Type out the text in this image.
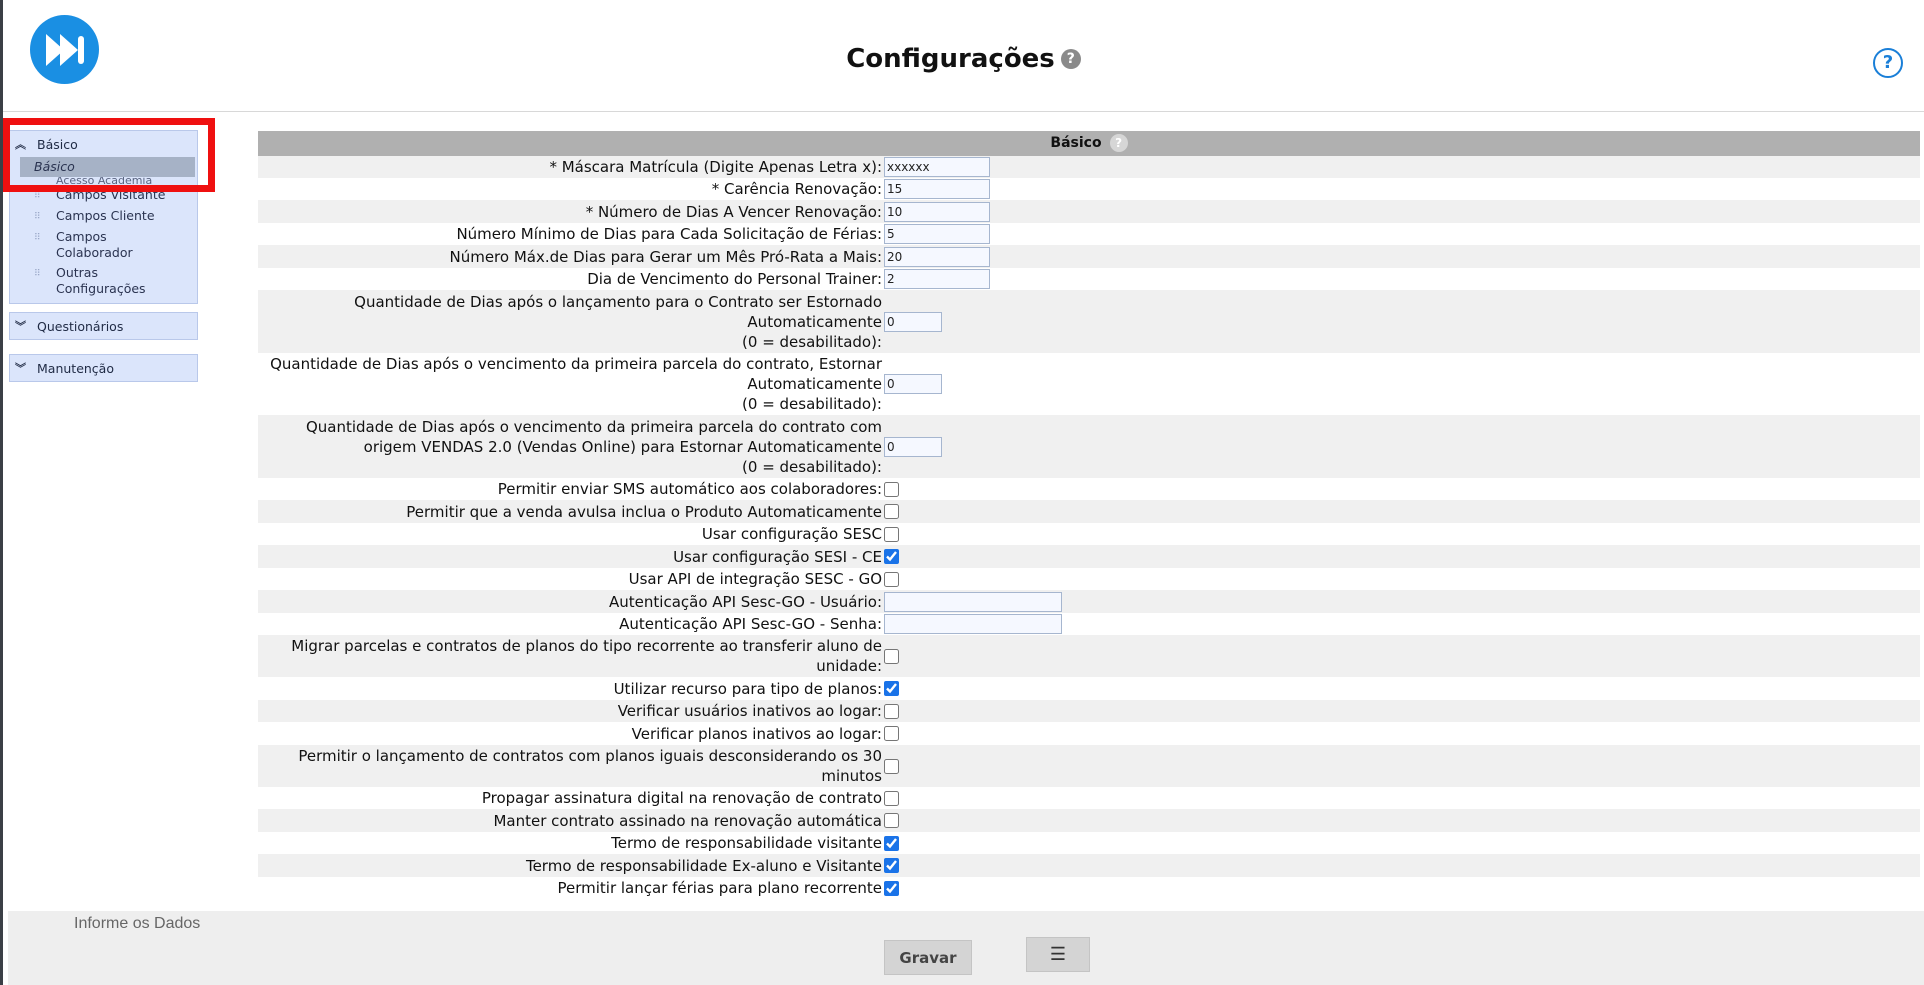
Configurações ?	?
︽ Básico
Básico
Acesso Academia
⠿ Campos Visitante
⠿ Campos Cliente
⠿ Campos Colaborador
⠿ Outras Configurações
︾ Questionários
︾ Manutenção
Básico ?
* Máscara Matrícula (Digite Apenas Letra x):
xxxxxx
* Carência Renovação:
15
* Número de Dias A Vencer Renovação:
10
Número Mínimo de Dias para Cada Solicitação de Férias:
5
Número Máx.de Dias para Gerar um Mês Pró-Rata a Mais:
20
Dia de Vencimento do Personal Trainer:
2
Quantidade de Dias após o lançamento para o Contrato ser Estornado
Automaticamente
(0 = desabilitado):
0
Quantidade de Dias após o vencimento da primeira parcela do contrato, Estornar
Automaticamente
(0 = desabilitado):
0
Quantidade de Dias após o vencimento da primeira parcela do contrato com
origem VENDAS 2.0 (Vendas Online) para Estornar Automaticamente
(0 = desabilitado):
0
Permitir enviar SMS automático aos colaboradores:
Permitir que a venda avulsa inclua o Produto Automaticamente
Usar configuração SESC
Usar configuração SESI - CE
Usar API de integração SESC - GO
Autenticação API Sesc-GO - Usuário:
Autenticação API Sesc-GO - Senha:
Migrar parcelas e contratos de planos do tipo recorrente ao transferir aluno de
unidade:
Utilizar recurso para tipo de planos:
Verificar usuários inativos ao logar:
Verificar planos inativos ao logar:
Permitir o lançamento de contratos com planos iguais desconsiderando os 30
minutos
Propagar assinatura digital na renovação de contrato
Manter contrato assinado na renovação automática
Termo de responsabilidade visitante
Termo de responsabilidade Ex-aluno e Visitante
Permitir lançar férias para plano recorrente
Informe os Dados
Gravar	☰
